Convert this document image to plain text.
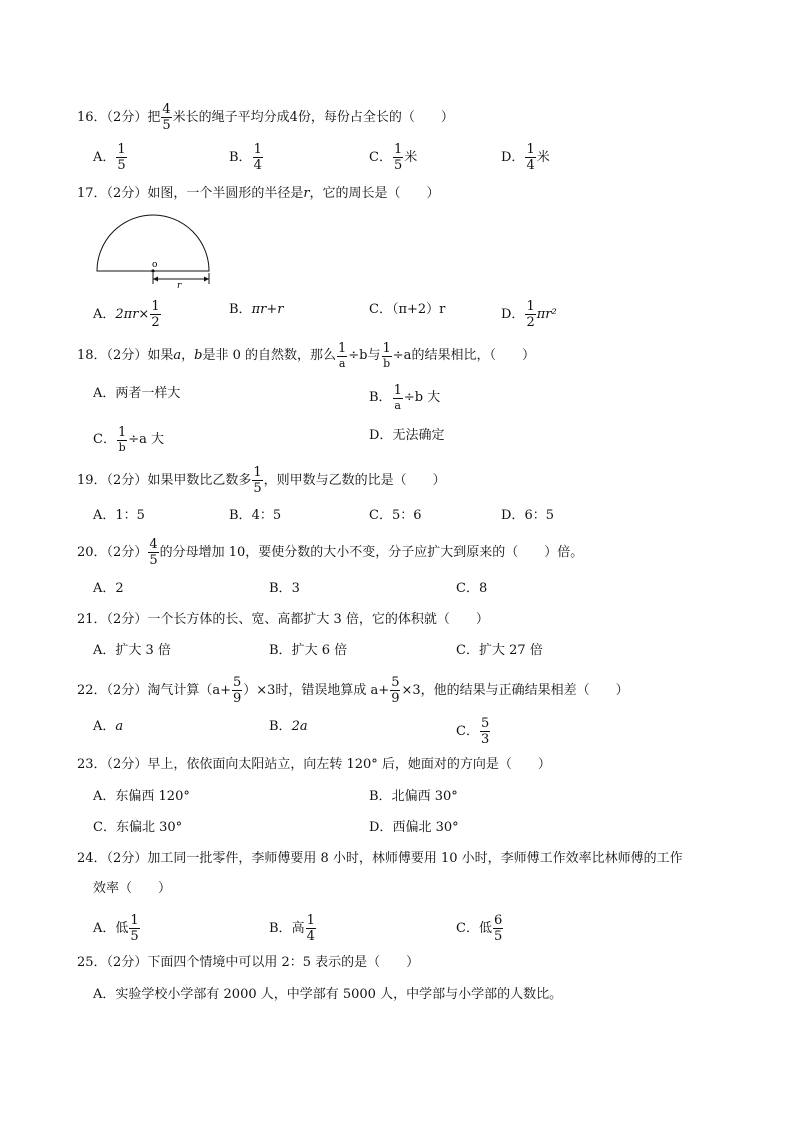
16．（2分）把 $\frac{4}{5}$ 米长的绳子平均分成4份，每份占全长的（　　）
A． $\frac{1}{5}$	B． $\frac{1}{4}$	C． $\frac{1}{5}$ 米	D． $\frac{1}{4}$ 米
17．（2分）如图，一个半圆形的半径是r，它的周长是（　　）
o
r
A．$2\pi r\times \frac{1}{2}$	B．πr+r	C．（π+2）r	D． $\frac{1}{2} \pi r^2$
18．（2分）如果a，b是非 0 的自然数，那么 $\frac{1}{a} \div b$与 $\frac{1}{b} \div a$的结果相比，（　　）
A．两者一样大	B． $\frac{1}{a} \div b$ 大
C． $\frac{1}{b} \div a$ 大	D．无法确定
19．（2分）如果甲数比乙数多 $\frac{1}{5}$ ，则甲数与乙数的比是（　　）
A．1：5	B．4：5	C．5：6	D．6：5
20．（2分） $\frac{4}{5}$ 的分母增加 10，要使分数的大小不变，分子应扩大到原来的（　　）倍。
A．2	B．3	C．8
21．（2分）一个长方体的长、宽、高都扩大 3 倍，它的体积就（　　）
A．扩大 3 倍	B．扩大 6 倍	C．扩大 27 倍
22．（2分）淘气计算$(a+ \frac{5}{9} )\times 3$时，错误地算成 $a+ \frac{5}{9} \times 3$，他的结果与正确结果相差（　　）
A．a	B．2a	C． $\frac{5}{3}$
23．（2分）早上，依依面向太阳站立，向左转 120° 后，她面对的方向是（　　）
A．东偏西 120°	B．北偏西 30°
C．东偏北 30°	D．西偏北 30°
24．（2分）加工同一批零件，李师傅要用 8 小时，林师傅要用 10 小时，李师傅工作效率比林师傅的工作
效率（　　）
A．低 $\frac{1}{5}$	B．高 $\frac{1}{4}$	C．低 $\frac{6}{5}$
25．（2分）下面四个情境中可以用 2：5 表示的是（　　）
A．实验学校小学部有 2000 人，中学部有 5000 人，中学部与小学部的人数比。
